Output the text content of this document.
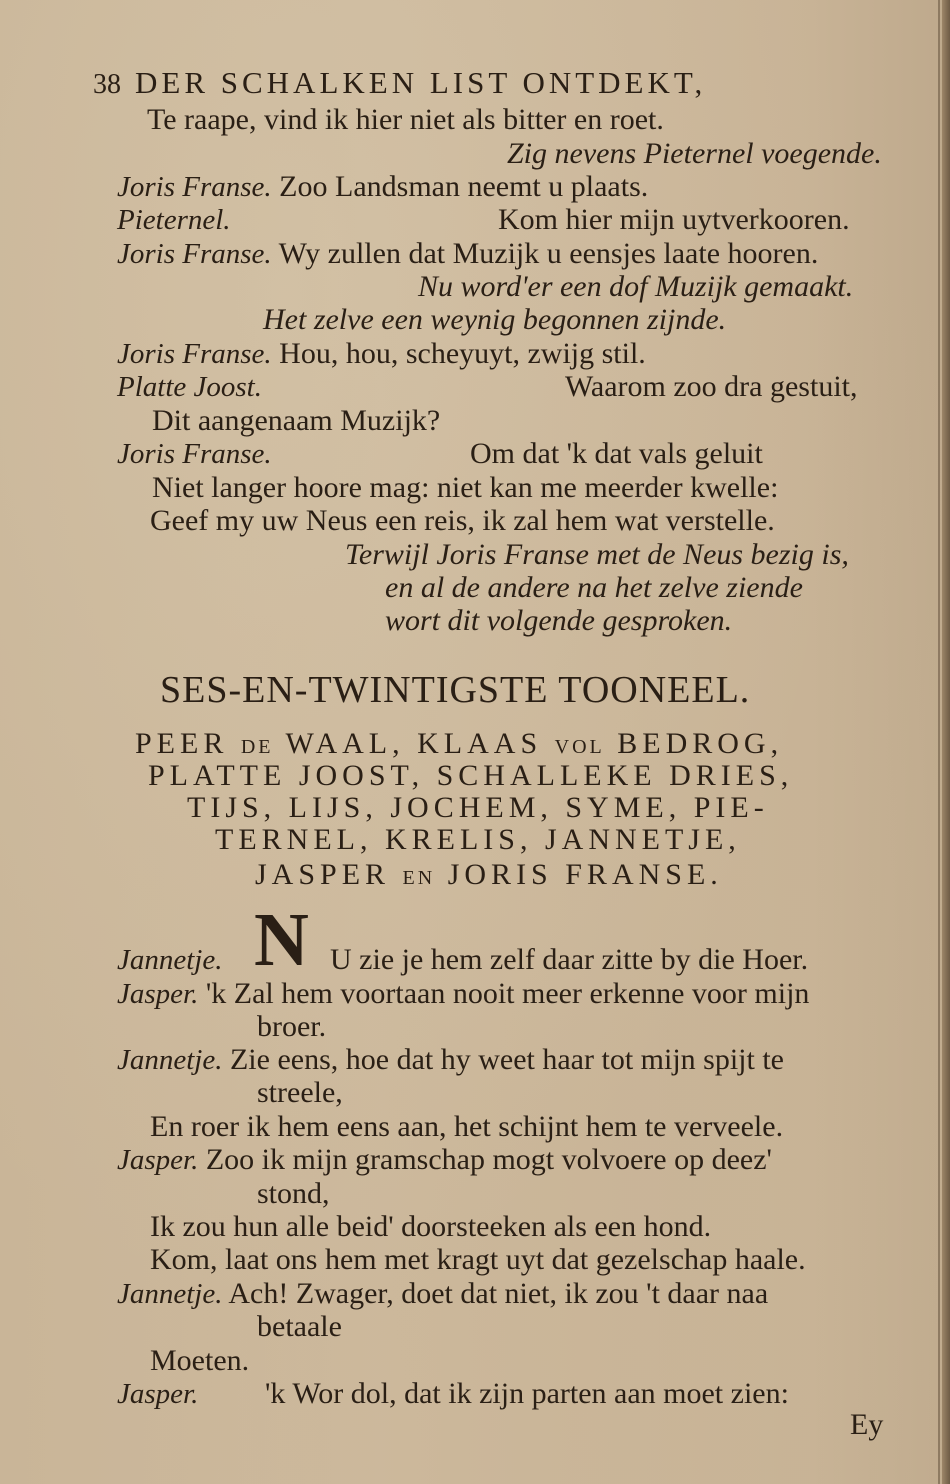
38 DER SCHALKEN LIST ONTDEKT,
Te raape, vind ik hier niet als bitter en roet.
Zig nevens Pieternel voegende.
Joris Franse. Zoo Landsman neemt u plaats.
Pieternel.	Kom hier mijn uytverkooren.
Joris Franse. Wy zullen dat Muzijk u eensjes laate hooren.
Nu word'er een dof Muzijk gemaakt.
Het zelve een weynig begonnen zijnde.
Joris Franse. Hou, hou, scheyuyt, zwijg stil.
Platte Joost.	Waarom zoo dra gestuit,
Dit aangenaam Muzijk?
Joris Franse.	Om dat 'k dat vals geluit
Niet langer hoore mag: niet kan me meerder kwelle:
Geef my uw Neus een reis, ik zal hem wat verstelle.
Terwijl Joris Franse met de Neus bezig is,
en al de andere na het zelve ziende
wort dit volgende gesproken.
SES-EN-TWINTIGSTE TOONEEL.
PEER DE WAAL, KLAAS VOL BEDROG,
PLATTE JOOST, SCHALLEKE DRIES,
TIJS, LIJS, JOCHEM, SYME, PIE-
TERNEL, KRELIS, JANNETJE,
JASPER EN JORIS FRANSE.
N
Jannetje.	U zie je hem zelf daar zitte by die Hoer.
Jasper. 'k Zal hem voortaan nooit meer erkenne voor mijn
broer.
Jannetje. Zie eens, hoe dat hy weet haar tot mijn spijt te
streele,
En roer ik hem eens aan, het schijnt hem te verveele.
Jasper. Zoo ik mijn gramschap mogt volvoere op deez'
stond,
Ik zou hun alle beid' doorsteeken als een hond.
Kom, laat ons hem met kragt uyt dat gezelschap haale.
Jannetje. Ach! Zwager, doet dat niet, ik zou 't daar naa
betaale
Moeten.
Jasper. 'k Wor dol, dat ik zijn parten aan moet zien:
Ey
